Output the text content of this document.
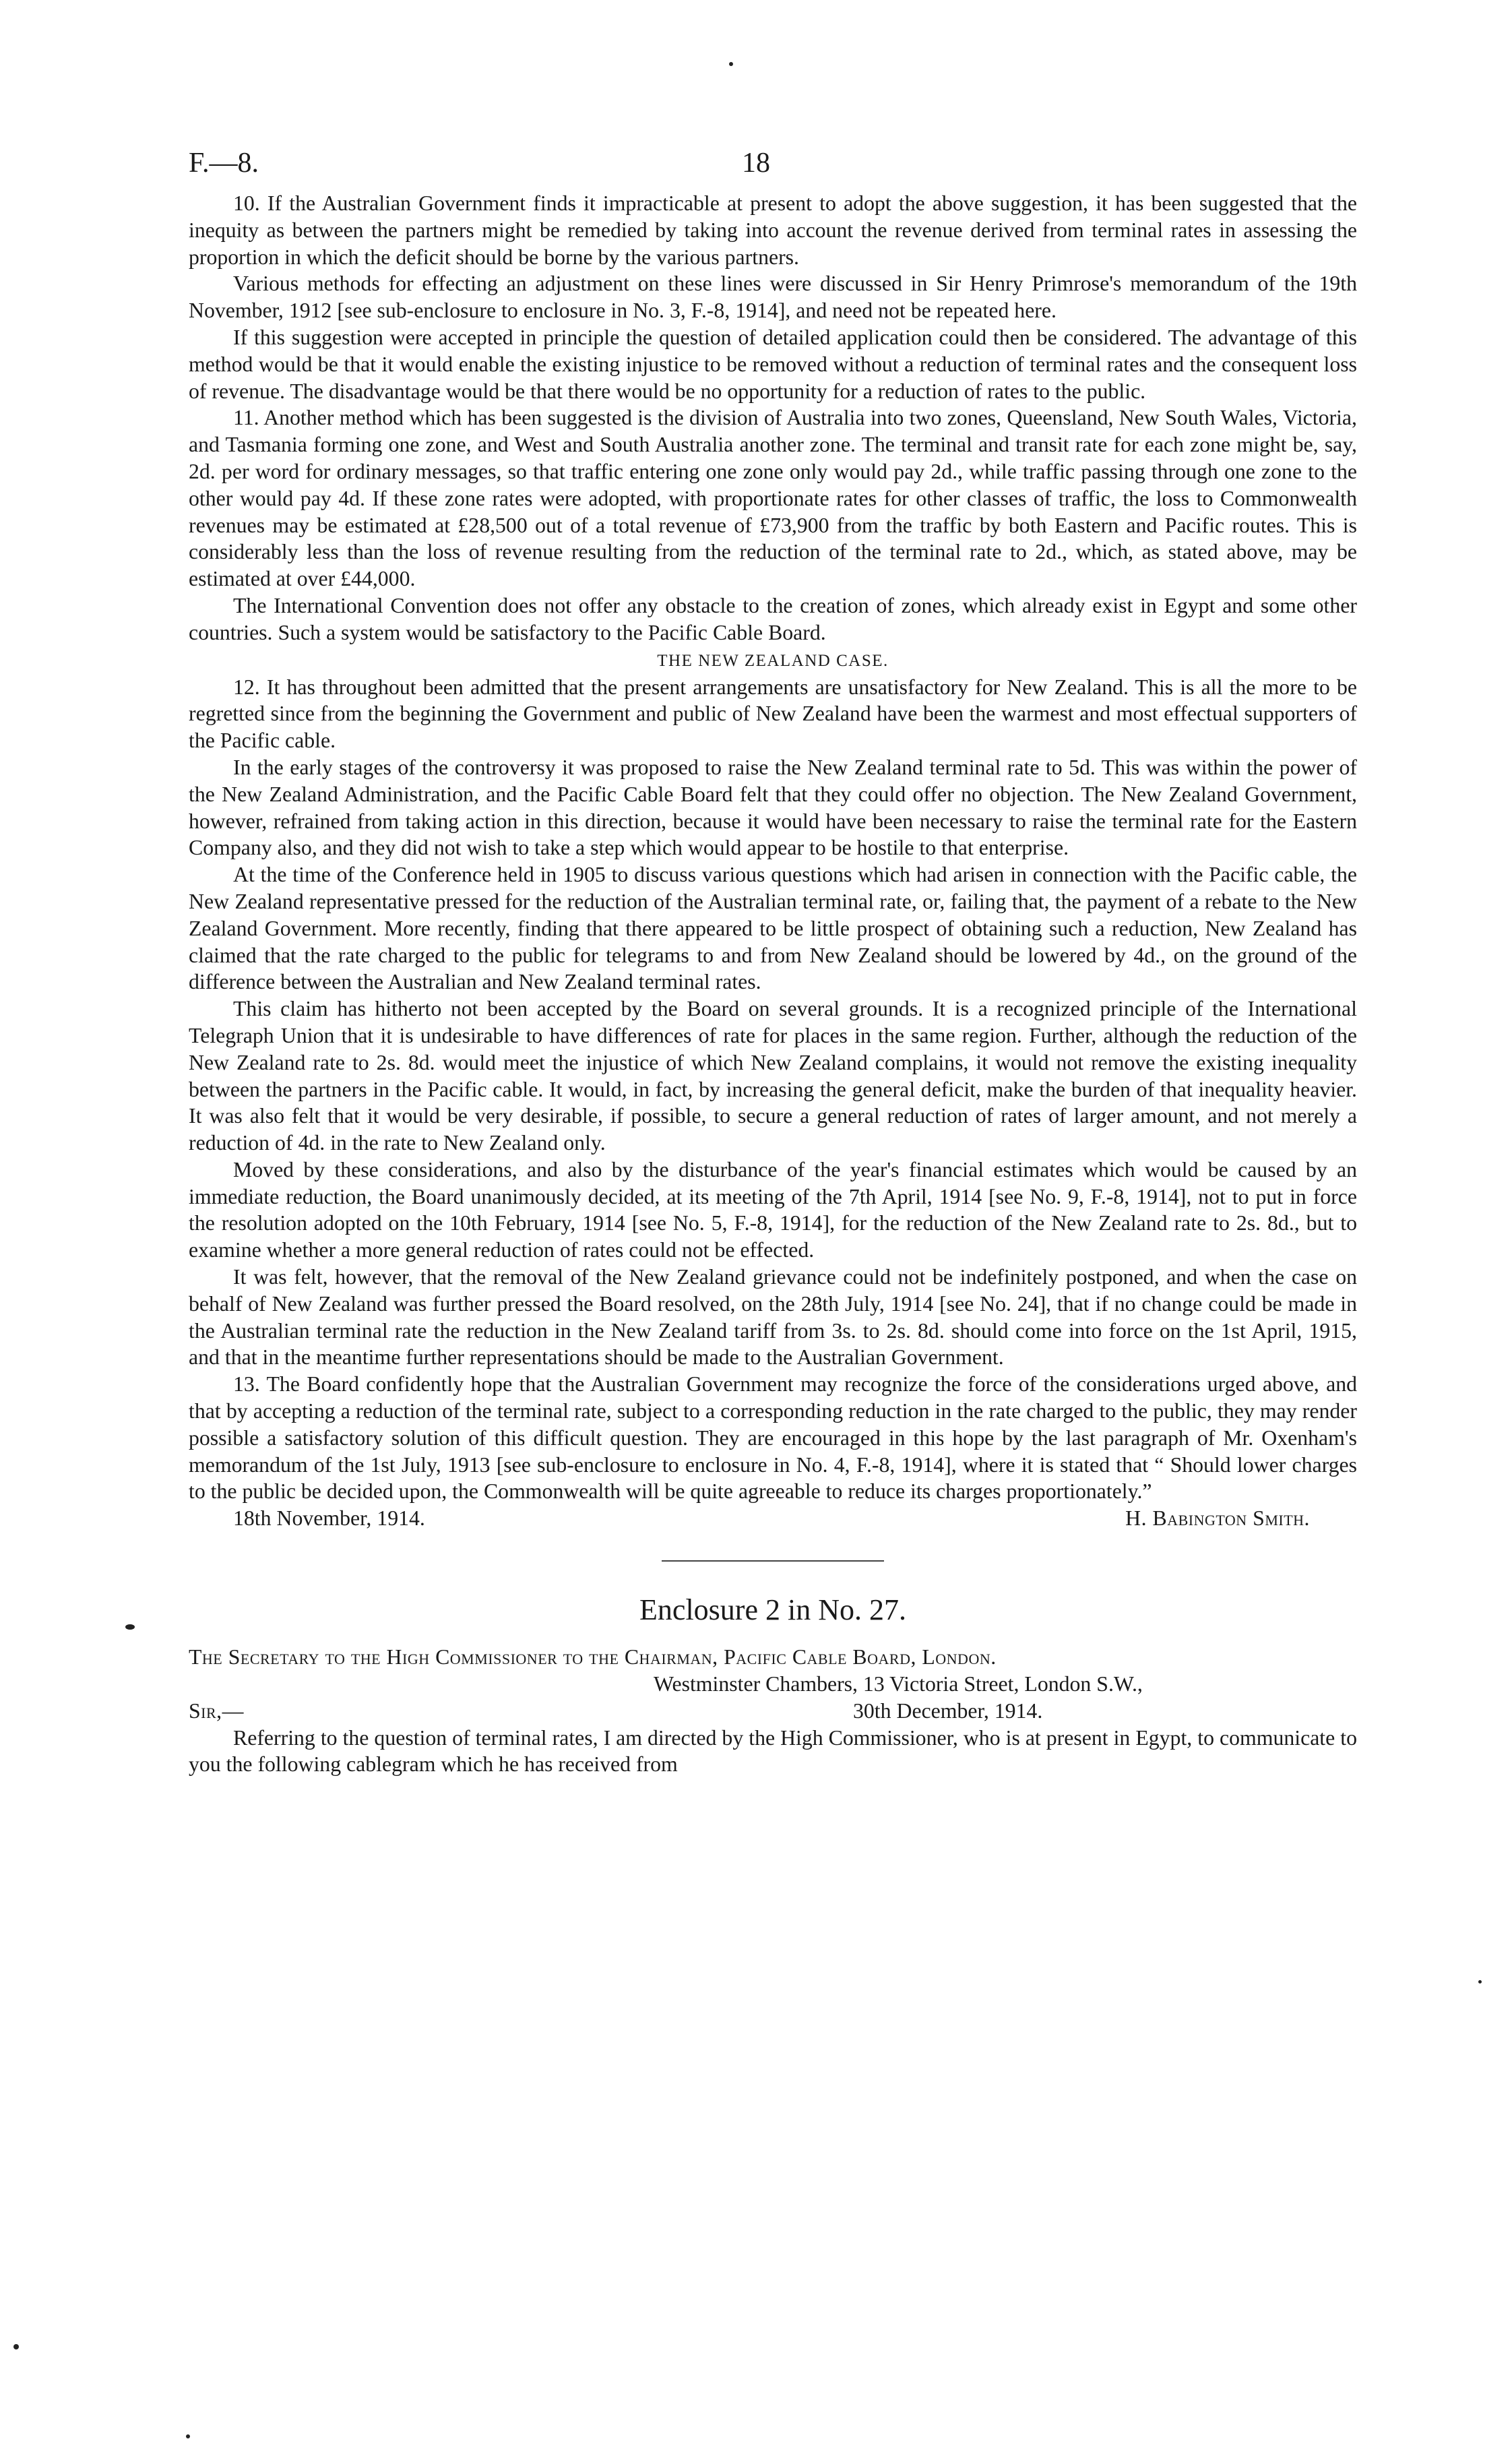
F.—8.	18

10. If the Australian Government finds it impracticable at present to adopt the above suggestion, it has been suggested that the inequity as between the partners might be remedied by taking into account the revenue derived from terminal rates in assessing the proportion in which the deficit should be borne by the various partners.

Various methods for effecting an adjustment on these lines were discussed in Sir Henry Primrose's memorandum of the 19th November, 1912 [see sub-enclosure to enclosure in No. 3, F.-8, 1914], and need not be repeated here.

If this suggestion were accepted in principle the question of detailed application could then be considered. The advantage of this method would be that it would enable the existing injustice to be removed without a reduction of terminal rates and the consequent loss of revenue. The disadvantage would be that there would be no opportunity for a reduction of rates to the public.

11. Another method which has been suggested is the division of Australia into two zones, Queensland, New South Wales, Victoria, and Tasmania forming one zone, and West and South Australia another zone. The terminal and transit rate for each zone might be, say, 2d. per word for ordinary messages, so that traffic entering one zone only would pay 2d., while traffic passing through one zone to the other would pay 4d. If these zone rates were adopted, with proportionate rates for other classes of traffic, the loss to Commonwealth revenues may be estimated at £28,500 out of a total revenue of £73,900 from the traffic by both Eastern and Pacific routes. This is considerably less than the loss of revenue resulting from the reduction of the terminal rate to 2d., which, as stated above, may be estimated at over £44,000.

The International Convention does not offer any obstacle to the creation of zones, which already exist in Egypt and some other countries. Such a system would be satisfactory to the Pacific Cable Board.

THE NEW ZEALAND CASE.

12. It has throughout been admitted that the present arrangements are unsatisfactory for New Zealand. This is all the more to be regretted since from the beginning the Government and public of New Zealand have been the warmest and most effectual supporters of the Pacific cable.

In the early stages of the controversy it was proposed to raise the New Zealand terminal rate to 5d. This was within the power of the New Zealand Administration, and the Pacific Cable Board felt that they could offer no objection. The New Zealand Government, however, refrained from taking action in this direction, because it would have been necessary to raise the terminal rate for the Eastern Company also, and they did not wish to take a step which would appear to be hostile to that enterprise.

At the time of the Conference held in 1905 to discuss various questions which had arisen in connection with the Pacific cable, the New Zealand representative pressed for the reduction of the Australian terminal rate, or, failing that, the payment of a rebate to the New Zealand Government. More recently, finding that there appeared to be little prospect of obtaining such a reduction, New Zealand has claimed that the rate charged to the public for telegrams to and from New Zealand should be lowered by 4d., on the ground of the difference between the Australian and New Zealand terminal rates.

This claim has hitherto not been accepted by the Board on several grounds. It is a recognized principle of the International Telegraph Union that it is undesirable to have differences of rate for places in the same region. Further, although the reduction of the New Zealand rate to 2s. 8d. would meet the injustice of which New Zealand complains, it would not remove the existing inequality between the partners in the Pacific cable. It would, in fact, by increasing the general deficit, make the burden of that inequality heavier. It was also felt that it would be very desirable, if possible, to secure a general reduction of rates of larger amount, and not merely a reduction of 4d. in the rate to New Zealand only.

Moved by these considerations, and also by the disturbance of the year's financial estimates which would be caused by an immediate reduction, the Board unanimously decided, at its meeting of the 7th April, 1914 [see No. 9, F.-8, 1914], not to put in force the resolution adopted on the 10th February, 1914 [see No. 5, F.-8, 1914], for the reduction of the New Zealand rate to 2s. 8d., but to examine whether a more general reduction of rates could not be effected.

It was felt, however, that the removal of the New Zealand grievance could not be indefinitely postponed, and when the case on behalf of New Zealand was further pressed the Board resolved, on the 28th July, 1914 [see No. 24], that if no change could be made in the Australian terminal rate the reduction in the New Zealand tariff from 3s. to 2s. 8d. should come into force on the 1st April, 1915, and that in the meantime further representations should be made to the Australian Government.

13. The Board confidently hope that the Australian Government may recognize the force of the considerations urged above, and that by accepting a reduction of the terminal rate, subject to a corresponding reduction in the rate charged to the public, they may render possible a satisfactory solution of this difficult question. They are encouraged in this hope by the last paragraph of Mr. Oxenham's memorandum of the 1st July, 1913 [see sub-enclosure to enclosure in No. 4, F.-8, 1914], where it is stated that “ Should lower charges to the public be decided upon, the Commonwealth will be quite agreeable to reduce its charges proportionately.”

18th November, 1914.	H. Babington Smith.
Enclosure 2 in No. 27.

The Secretary to the High Commissioner to the Chairman, Pacific Cable Board, London.

Westminster Chambers, 13 Victoria Street, London S.W.,
Sir,—	30th December, 1914.

Referring to the question of terminal rates, I am directed by the High Commissioner, who is at present in Egypt, to communicate to you the following cablegram which he has received from
